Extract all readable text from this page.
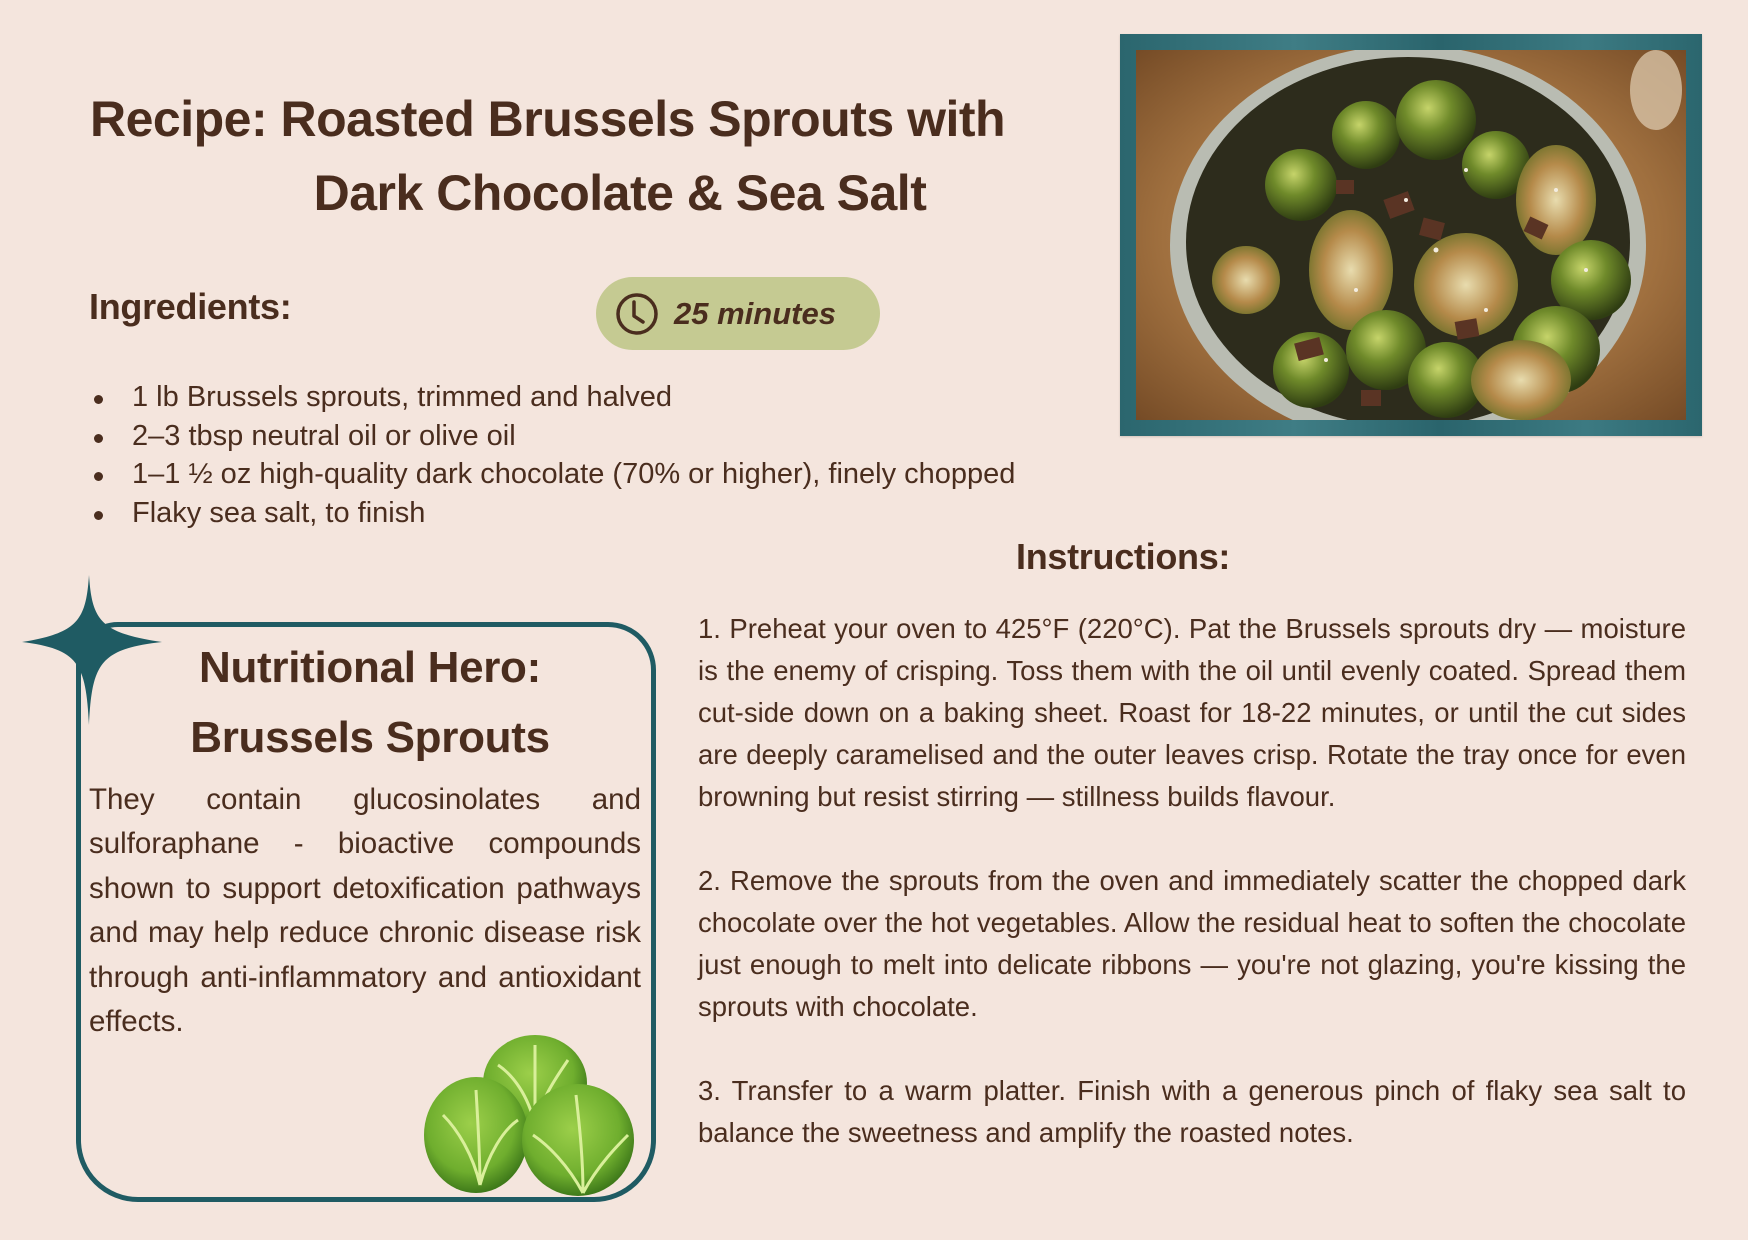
Recipe: Roasted Brussels Sprouts with
Dark Chocolate & Sea Salt
Ingredients:	25 minutes
1 lb Brussels sprouts, trimmed and halved
2–3 tbsp neutral oil or olive oil
1–1 ½ oz high-quality dark chocolate (70% or higher), finely chopped
Flaky sea salt, to finish
Instructions:

1. Preheat your oven to 425°F (220°C). Pat the Brussels sprouts dry — moisture is the enemy of crisping. Toss them with the oil until evenly coated. Spread them cut-side down on a baking sheet. Roast for 18-22 minutes, or until the cut sides are deeply caramelised and the outer leaves crisp. Rotate the tray once for even browning but resist stirring — stillness builds flavour.

2. Remove the sprouts from the oven and immediately scatter the chopped dark chocolate over the hot vegetables. Allow the residual heat to soften the chocolate just enough to melt into delicate ribbons — you're not glazing, you're kissing the sprouts with chocolate.

3. Transfer to a warm platter. Finish with a generous pinch of flaky sea salt to balance the sweetness and amplify the roasted notes.

Nutritional Hero:
Brussels Sprouts

They contain glucosinolates and sulforaphane - bioactive compounds shown to support detoxification pathways and may help reduce chronic disease risk through anti-inflammatory and antioxidant effects.
